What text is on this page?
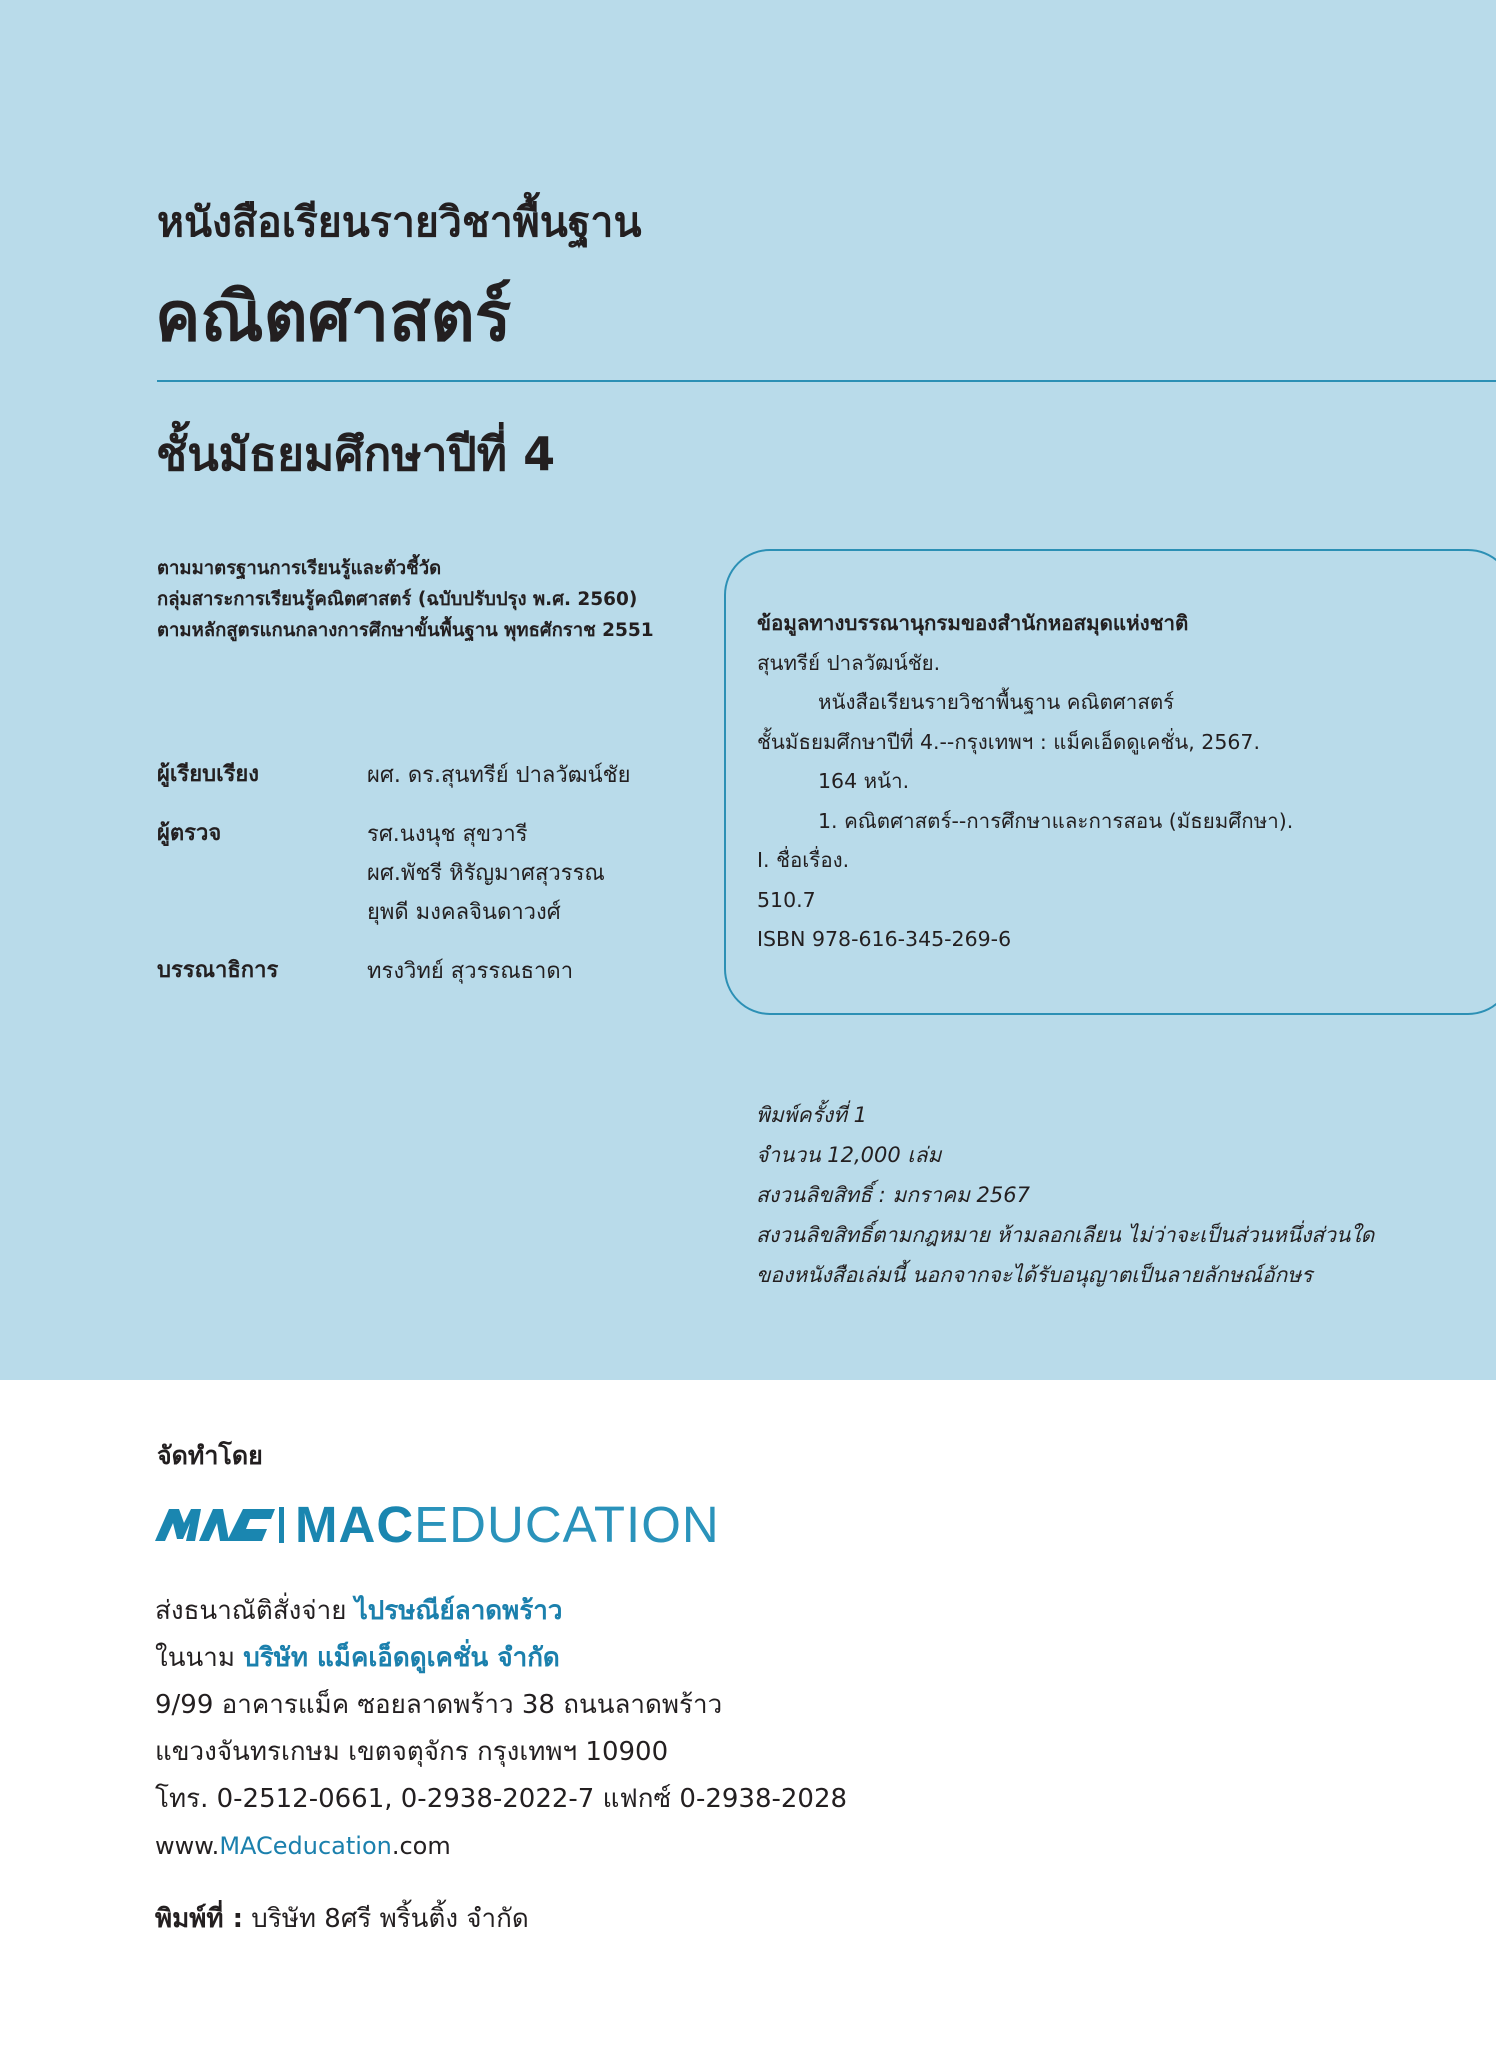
หนังสือเรียนรายวิชาพื้นฐาน
คณิตศาสตร์
ชั้นมัธยมศึกษาปีที่ 4
ตามมาตรฐานการเรียนรู้และตัวชี้วัด
กลุ่มสาระการเรียนรู้คณิตศาสตร์ (ฉบับปรับปรุง พ.ศ. 2560)
ตามหลักสูตรแกนกลางการศึกษาขั้นพื้นฐาน พุทธศักราช 2551
ผู้เรียบเรียง	ผศ. ดร.สุนทรีย์ ปาลวัฒน์ชัย
ผู้ตรวจ	รศ.นงนุช สุขวารี
ผศ.พัชรี หิรัญมาศสุวรรณ
ยุพดี มงคลจินดาวงศ์
บรรณาธิการ	ทรงวิทย์ สุวรรณธาดา
ข้อมูลทางบรรณานุกรมของสำนักหอสมุดแห่งชาติ
สุนทรีย์ ปาลวัฒน์ชัย.
หนังสือเรียนรายวิชาพื้นฐาน คณิตศาสตร์
ชั้นมัธยมศึกษาปีที่ 4.--กรุงเทพฯ : แม็คเอ็ดดูเคชั่น, 2567.
164 หน้า.
1. คณิตศาสตร์--การศึกษาและการสอน (มัธยมศึกษา).
I. ชื่อเรื่อง.
510.7
ISBN 978-616-345-269-6
พิมพ์ครั้งที่ 1
จำนวน 12,000 เล่ม
สงวนลิขสิทธิ์ : มกราคม 2567
สงวนลิขสิทธิ์ตามกฎหมาย ห้ามลอกเลียน ไม่ว่าจะเป็นส่วนหนึ่งส่วนใด
ของหนังสือเล่มนี้ นอกจากจะได้รับอนุญาตเป็นลายลักษณ์อักษร
จัดทำโดย
MACEDUCATION
ส่งธนาณัติสั่งจ่าย ไปรษณีย์ลาดพร้าว
ในนาม บริษัท แม็คเอ็ดดูเคชั่น จำกัด
9/99 อาคารแม็ค ซอยลาดพร้าว 38 ถนนลาดพร้าว
แขวงจันทรเกษม เขตจตุจักร กรุงเทพฯ 10900
โทร. 0-2512-0661, 0-2938-2022-7 แฟกซ์ 0-2938-2028
www.MACeducation.com
พิมพ์ที่ : บริษัท 8ศรี พริ้นติ้ง จำกัด
